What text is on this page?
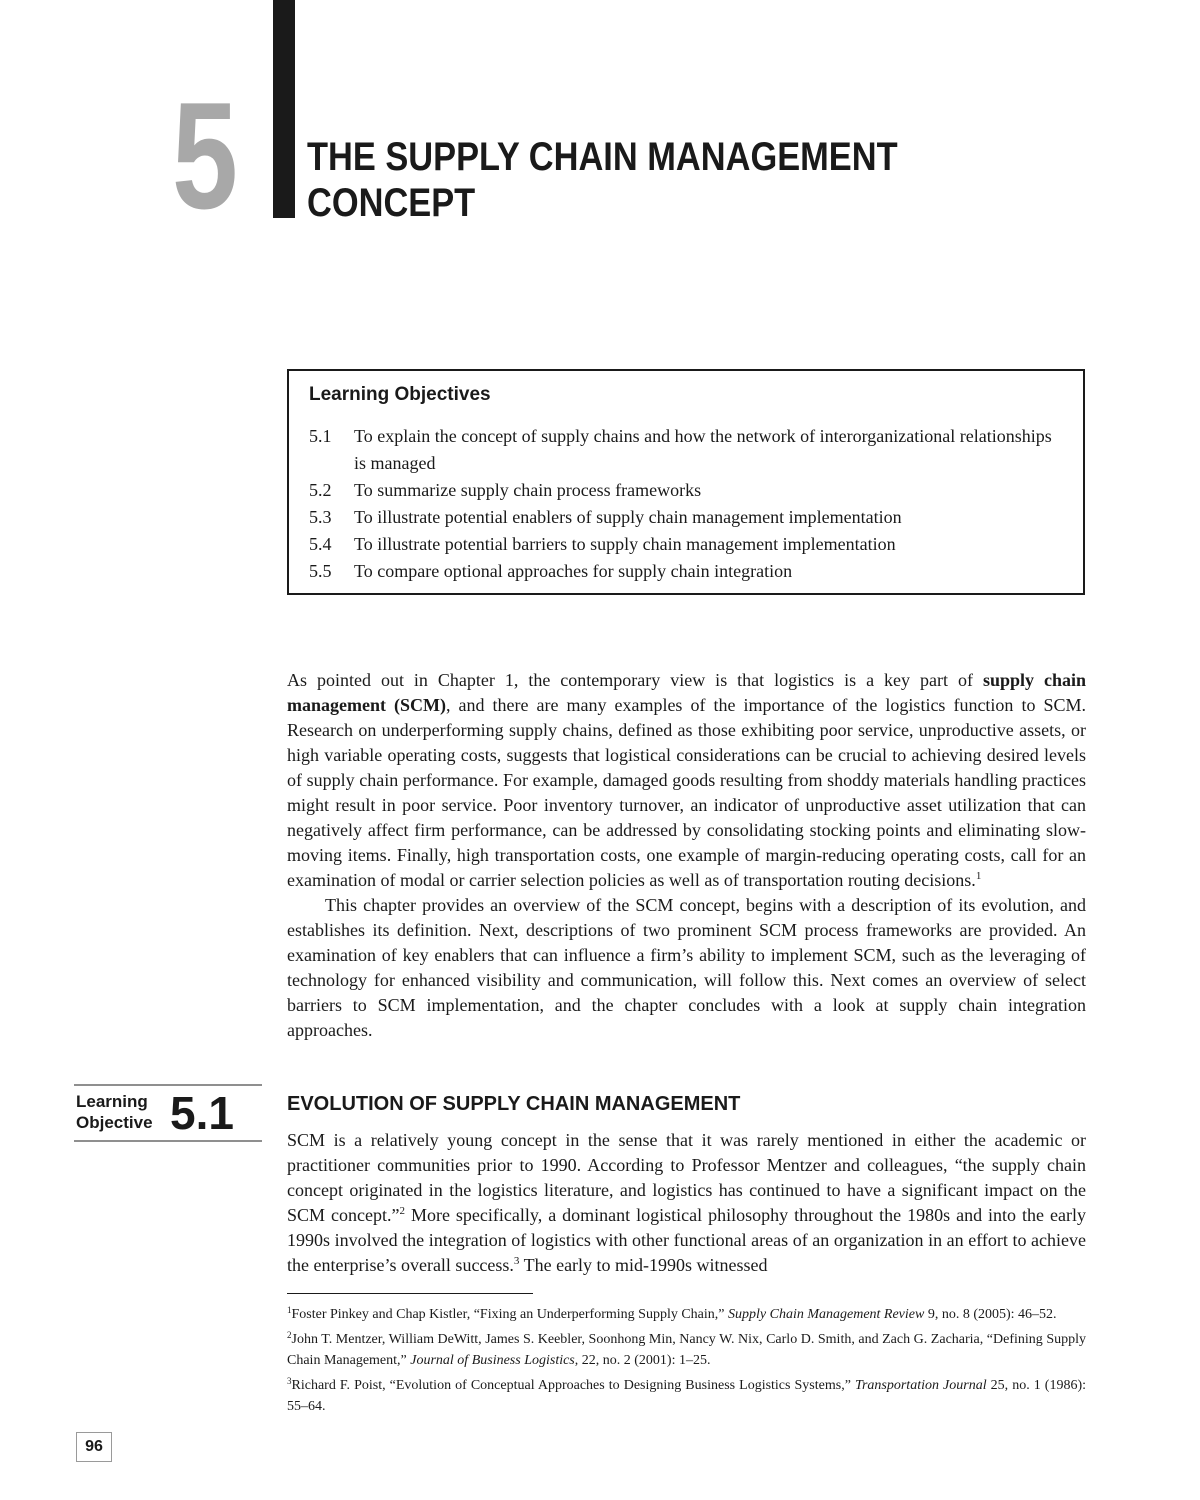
5 THE SUPPLY CHAIN MANAGEMENT
CONCEPT
Learning Objectives
5.1	To explain the concept of supply chains and how the network of interorganizational relationships is managed
5.2	To summarize supply chain process frameworks
5.3	To illustrate potential enablers of supply chain management implementation
5.4	To illustrate potential barriers to supply chain management implementation
5.5	To compare optional approaches for supply chain integration

As pointed out in Chapter 1, the contemporary view is that logistics is a key part of supply chain management (SCM), and there are many examples of the importance of the logistics function to SCM. Research on underperforming supply chains, defined as those exhibiting poor service, unproductive assets, or high variable operating costs, suggests that logistical considerations can be crucial to achieving desired levels of supply chain performance. For example, damaged goods resulting from shoddy materials handling practices might result in poor service. Poor inventory turnover, an indicator of unproductive asset utilization that can negatively affect firm performance, can be addressed by consolidating stocking points and eliminating slow-moving items. Finally, high transportation costs, one example of margin-reducing operating costs, call for an examination of modal or carrier selection policies as well as of transportation routing decisions.$^1$

This chapter provides an overview of the SCM concept, begins with a description of its evolution, and establishes its definition. Next, descriptions of two prominent SCM process frameworks are provided. An examination of key enablers that can influence a firm’s ability to implement SCM, such as the leveraging of technology for enhanced visibility and communication, will follow this. Next comes an overview of select barriers to SCM implementation, and the chapter concludes with a look at supply chain integration approaches.

Learning
Objective 5.1	EVOLUTION OF SUPPLY CHAIN MANAGEMENT

SCM is a relatively young concept in the sense that it was rarely mentioned in either the academic or practitioner communities prior to 1990. According to Professor Mentzer and colleagues, “the supply chain concept originated in the logistics literature, and logistics has continued to have a significant impact on the SCM concept.”$^2$ More specifically, a dominant logistical philosophy throughout the 1980s and into the early 1990s involved the integration of logistics with other functional areas of an organization in an effort to achieve the enterprise’s overall success.$^3$ The early to mid-1990s witnessed

$^1$Foster Pinkey and Chap Kistler, “Fixing an Underperforming Supply Chain,” Supply Chain Management Review 9, no. 8 (2005): 46–52.

$^2$John T. Mentzer, William DeWitt, James S. Keebler, Soonhong Min, Nancy W. Nix, Carlo D. Smith, and Zach G. Zacharia, “Defining Supply Chain Management,” Journal of Business Logistics, 22, no. 2 (2001): 1–25.

$^3$Richard F. Poist, “Evolution of Conceptual Approaches to Designing Business Logistics Systems,” Transportation Journal 25, no. 1 (1986): 55–64.

96
